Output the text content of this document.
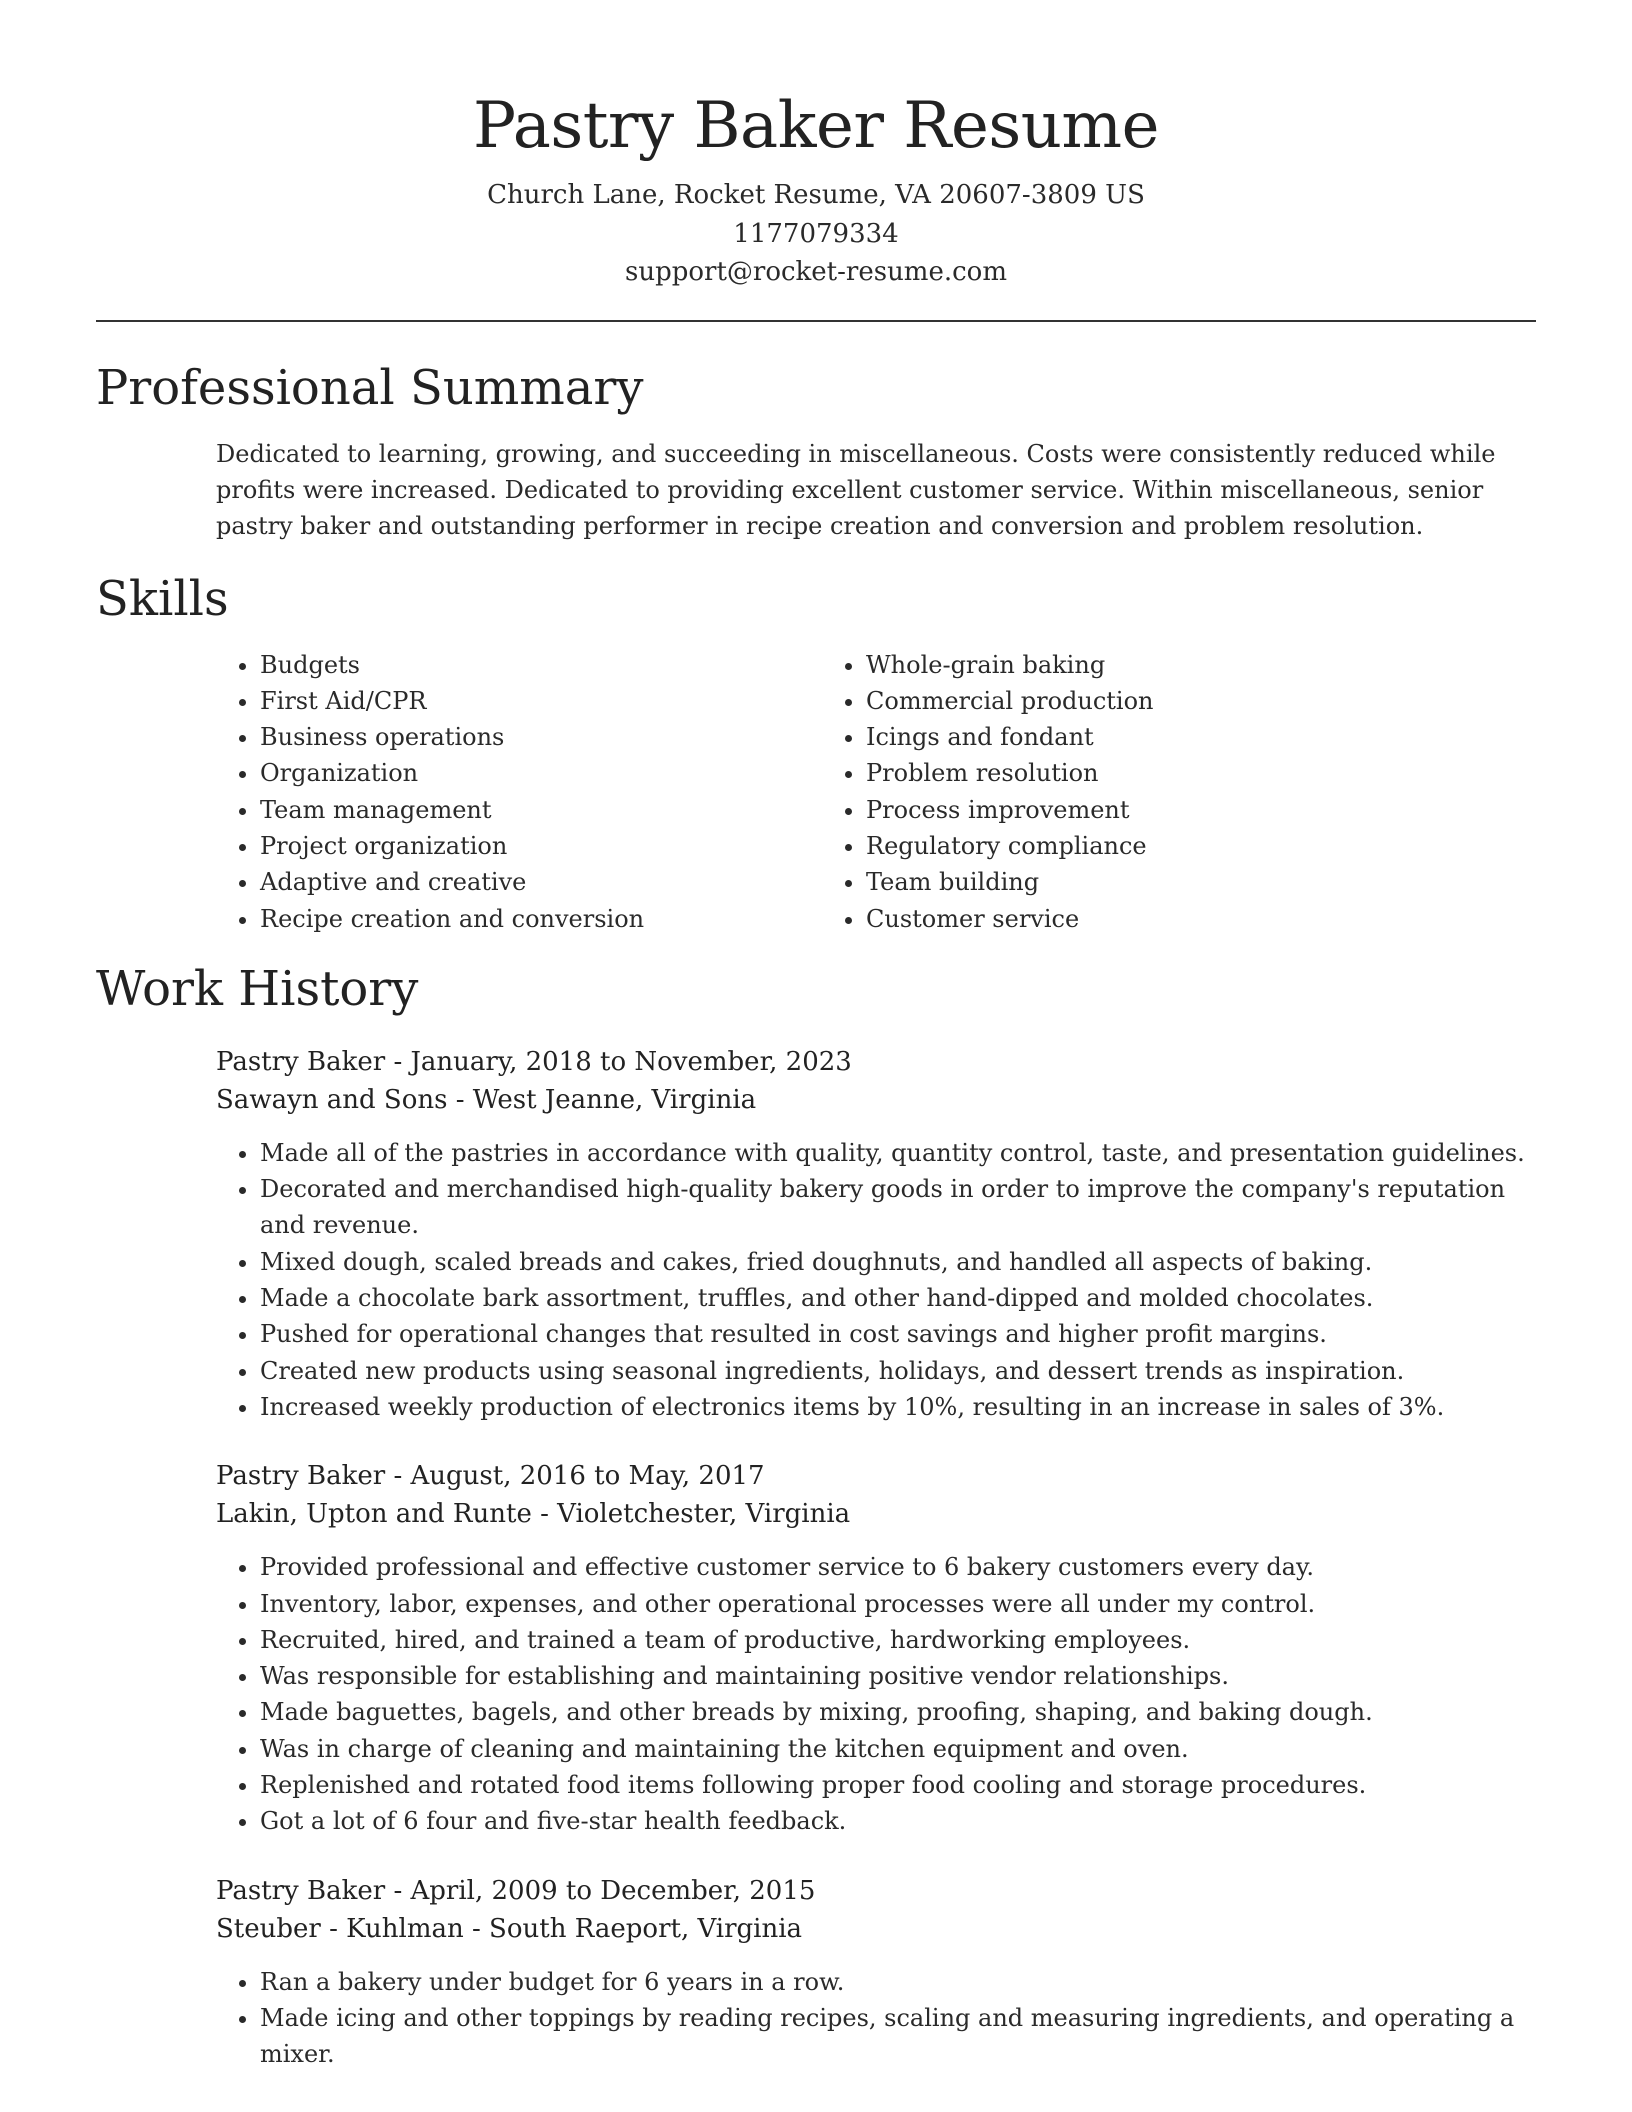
Pastry Baker Resume
Church Lane, Rocket Resume, VA 20607-3809 US
1177079334
support@rocket-resume.com
Professional Summary

Dedicated to learning, growing, and succeeding in miscellaneous. Costs were consistently reduced while profits were increased. Dedicated to providing excellent customer service. Within miscellaneous, senior pastry baker and outstanding performer in recipe creation and conversion and problem resolution.

Skills
• Budgets
• First Aid/CPR
• Business operations
• Organization
• Team management
• Project organization
• Adaptive and creative
• Recipe creation and conversion
• Whole-grain baking
• Commercial production
• Icings and fondant
• Problem resolution
• Process improvement
• Regulatory compliance
• Team building
• Customer service
Work History
Pastry Baker - January, 2018 to November, 2023
Sawayn and Sons - West Jeanne, Virginia
• Made all of the pastries in accordance with quality, quantity control, taste, and presentation guidelines.
• Decorated and merchandised high-quality bakery goods in order to improve the company's reputation and revenue.
• Mixed dough, scaled breads and cakes, fried doughnuts, and handled all aspects of baking.
• Made a chocolate bark assortment, truffles, and other hand-dipped and molded chocolates.
• Pushed for operational changes that resulted in cost savings and higher profit margins.
• Created new products using seasonal ingredients, holidays, and dessert trends as inspiration.
• Increased weekly production of electronics items by 10%, resulting in an increase in sales of 3%.
Pastry Baker - August, 2016 to May, 2017
Lakin, Upton and Runte - Violetchester, Virginia
• Provided professional and effective customer service to 6 bakery customers every day.
• Inventory, labor, expenses, and other operational processes were all under my control.
• Recruited, hired, and trained a team of productive, hardworking employees.
• Was responsible for establishing and maintaining positive vendor relationships.
• Made baguettes, bagels, and other breads by mixing, proofing, shaping, and baking dough.
• Was in charge of cleaning and maintaining the kitchen equipment and oven.
• Replenished and rotated food items following proper food cooling and storage procedures.
• Got a lot of 6 four and five-star health feedback.
Pastry Baker - April, 2009 to December, 2015
Steuber - Kuhlman - South Raeport, Virginia
• Ran a bakery under budget for 6 years in a row.
• Made icing and other toppings by reading recipes, scaling and measuring ingredients, and operating a mixer.
